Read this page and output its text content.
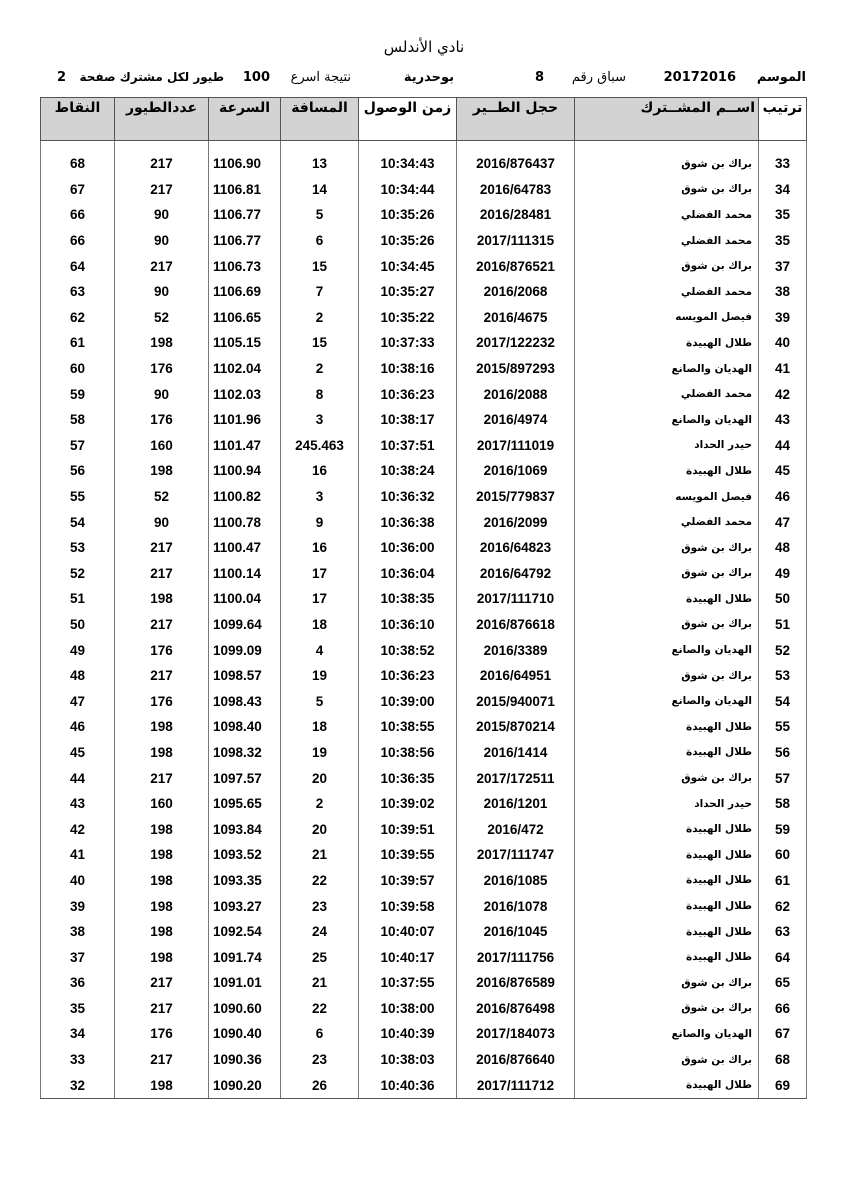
نادي الأندلس
الموسم
20172016
سباق رقم
8
بوحدرية
نتيجة اسرع
100
طيور لكل مشترك صفحة
2
النقاط	عددالطيور	السرعة	المسافة	زمن الوصول	حجل الطــير	اســم المشــترك	ترتيب

68	217	1106.90	13	10:34:43	2016/876437	براك بن شوق	33
67	217	1106.81	14	10:34:44	2016/64783	براك بن شوق	34
66	90	1106.77	5	10:35:26	2016/28481	محمد الفضلي	35
66	90	1106.77	6	10:35:26	2017/111315	محمد الفضلي	35
64	217	1106.73	15	10:34:45	2016/876521	براك بن شوق	37
63	90	1106.69	7	10:35:27	2016/2068	محمد الفضلي	38
62	52	1106.65	2	10:35:22	2016/4675	فيصل المويسه	39
61	198	1105.15	15	10:37:33	2017/122232	طلال الهبيدة	40
60	176	1102.04	2	10:38:16	2015/897293	الهديان والصانع	41
59	90	1102.03	8	10:36:23	2016/2088	محمد الفضلي	42
58	176	1101.96	3	10:38:17	2016/4974	الهديان والصانع	43
57	160	1101.47	245.463	10:37:51	2017/111019	حيدر الحداد	44
56	198	1100.94	16	10:38:24	2016/1069	طلال الهبيدة	45
55	52	1100.82	3	10:36:32	2015/779837	فيصل المويسه	46
54	90	1100.78	9	10:36:38	2016/2099	محمد الفضلي	47
53	217	1100.47	16	10:36:00	2016/64823	براك بن شوق	48
52	217	1100.14	17	10:36:04	2016/64792	براك بن شوق	49
51	198	1100.04	17	10:38:35	2017/111710	طلال الهبيدة	50
50	217	1099.64	18	10:36:10	2016/876618	براك بن شوق	51
49	176	1099.09	4	10:38:52	2016/3389	الهديان والصانع	52
48	217	1098.57	19	10:36:23	2016/64951	براك بن شوق	53
47	176	1098.43	5	10:39:00	2015/940071	الهديان والصانع	54
46	198	1098.40	18	10:38:55	2015/870214	طلال الهبيدة	55
45	198	1098.32	19	10:38:56	2016/1414	طلال الهبيدة	56
44	217	1097.57	20	10:36:35	2017/172511	براك بن شوق	57
43	160	1095.65	2	10:39:02	2016/1201	حيدر الحداد	58
42	198	1093.84	20	10:39:51	2016/472	طلال الهبيدة	59
41	198	1093.52	21	10:39:55	2017/111747	طلال الهبيدة	60
40	198	1093.35	22	10:39:57	2016/1085	طلال الهبيدة	61
39	198	1093.27	23	10:39:58	2016/1078	طلال الهبيدة	62
38	198	1092.54	24	10:40:07	2016/1045	طلال الهبيدة	63
37	198	1091.74	25	10:40:17	2017/111756	طلال الهبيدة	64
36	217	1091.01	21	10:37:55	2016/876589	براك بن شوق	65
35	217	1090.60	22	10:38:00	2016/876498	براك بن شوق	66
34	176	1090.40	6	10:40:39	2017/184073	الهديان والصانع	67
33	217	1090.36	23	10:38:03	2016/876640	براك بن شوق	68
32	198	1090.20	26	10:40:36	2017/111712	طلال الهبيدة	69
